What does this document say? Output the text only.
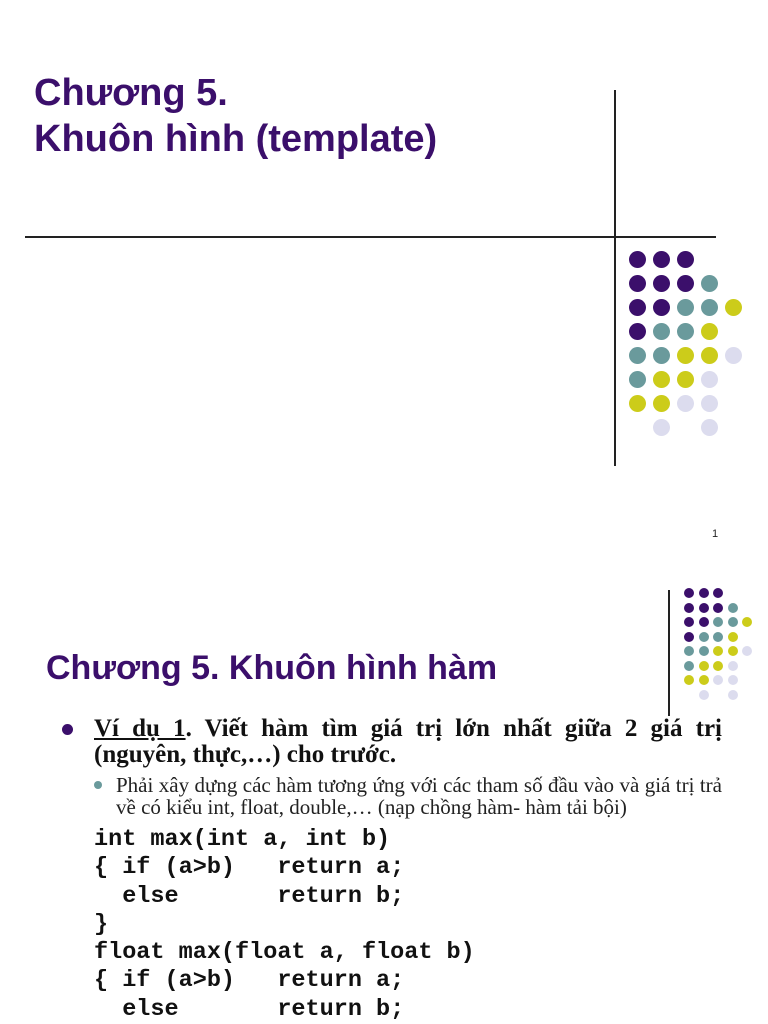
Chương 5.
Khuôn hình (template)
1
Chương 5. Khuôn hình hàm
Ví dụ 1. Viết hàm tìm giá trị lớn nhất giữa 2 giá trị (nguyên, thực,…) cho trước.
Phải xây dựng các hàm tương ứng với các tham số đầu vào và giá trị trả về có kiểu int, float, double,… (nạp chồng hàm- hàm tải bội)
int max(int a, int b)
{ if (a>b)   return a;
else       return b;
}
float max(float a, float b)
{ if (a>b)   return a;
else       return b;
